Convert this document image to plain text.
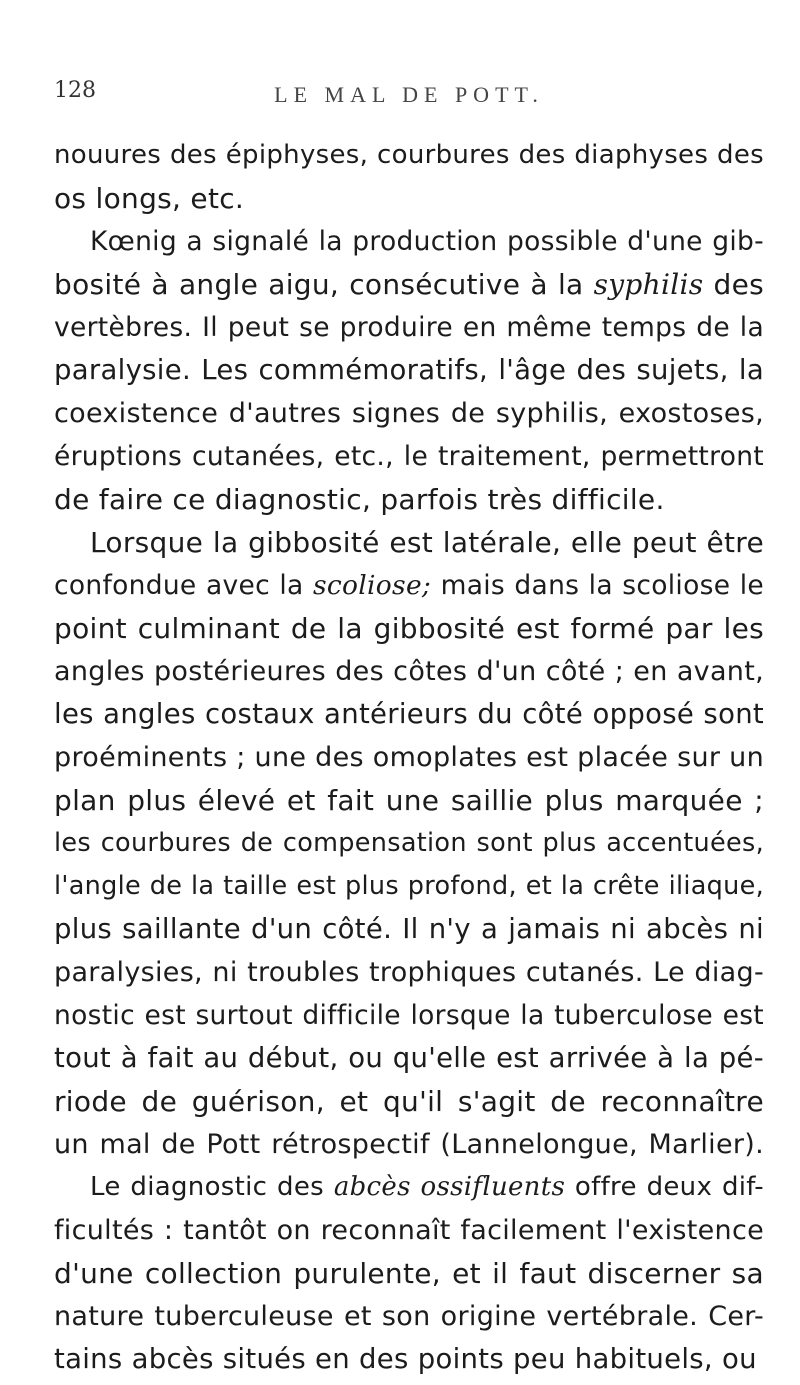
128	LE MAL DE POTT.
nouures des épiphyses, courbures des diaphyses des
os longs, etc.
Kœnig a signalé la production possible d'une gib-
bosité à angle aigu, consécutive à la syphilis des
vertèbres. Il peut se produire en même temps de la
paralysie. Les commémoratifs, l'âge des sujets, la
coexistence d'autres signes de syphilis, exostoses,
éruptions cutanées, etc., le traitement, permettront
de faire ce diagnostic, parfois très difficile.
Lorsque la gibbosité est latérale, elle peut être
confondue avec la scoliose; mais dans la scoliose le
point culminant de la gibbosité est formé par les
angles postérieures des côtes d'un côté ; en avant,
les angles costaux antérieurs du côté opposé sont
proéminents ; une des omoplates est placée sur un
plan plus élevé et fait une saillie plus marquée ;
les courbures de compensation sont plus accentuées,
l'angle de la taille est plus profond, et la crête iliaque,
plus saillante d'un côté. Il n'y a jamais ni abcès ni
paralysies, ni troubles trophiques cutanés. Le diag-
nostic est surtout difficile lorsque la tuberculose est
tout à fait au début, ou qu'elle est arrivée à la pé-
riode de guérison, et qu'il s'agit de reconnaître
un mal de Pott rétrospectif (Lannelongue, Marlier).
Le diagnostic des abcès ossifluents offre deux dif-
ficultés : tantôt on reconnaît facilement l'existence
d'une collection purulente, et il faut discerner sa
nature tuberculeuse et son origine vertébrale. Cer-
tains abcès situés en des points peu habituels, ou
